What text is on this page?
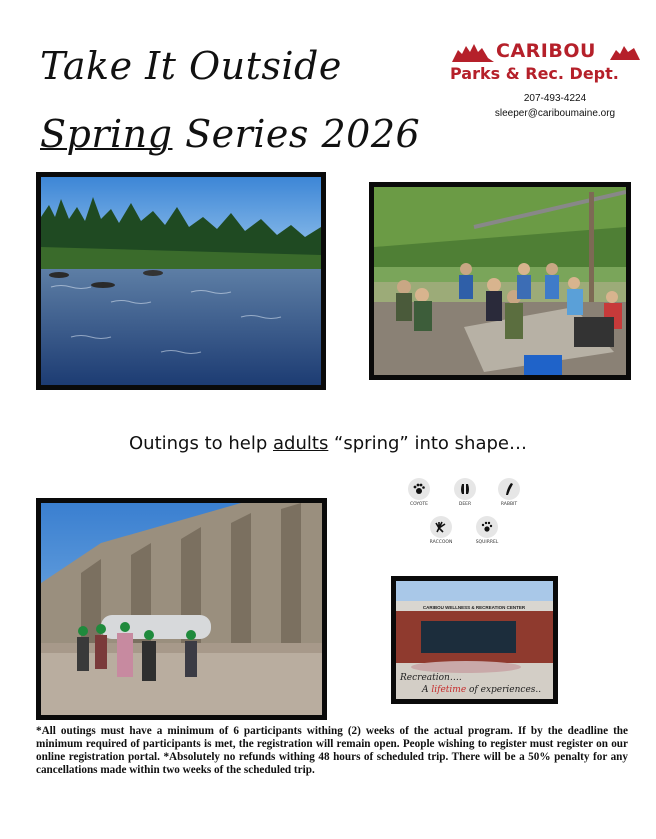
Take It Outside
Spring Series 2026
CARIBOU
Parks & Rec. Dept.
207-493-4224
sleeper@cariboumaine.org
Outings to help adults “spring” into shape…
COYOTE	DEER	RABBIT
RACCOON	SQUIRREL
CARIBOU WELLNESS & RECREATION CENTER
Recreation….
A lifetime of experiences..
*All outings must have a minimum of 6 participants withing (2) weeks of the actual program. If by the deadline the minimum required of participants is met, the registration will remain open. People wishing to register must register on our online registration portal. *Absolutely no refunds withing 48 hours of scheduled trip. There will be a 50% penalty for any cancellations made within two weeks of the scheduled trip.
